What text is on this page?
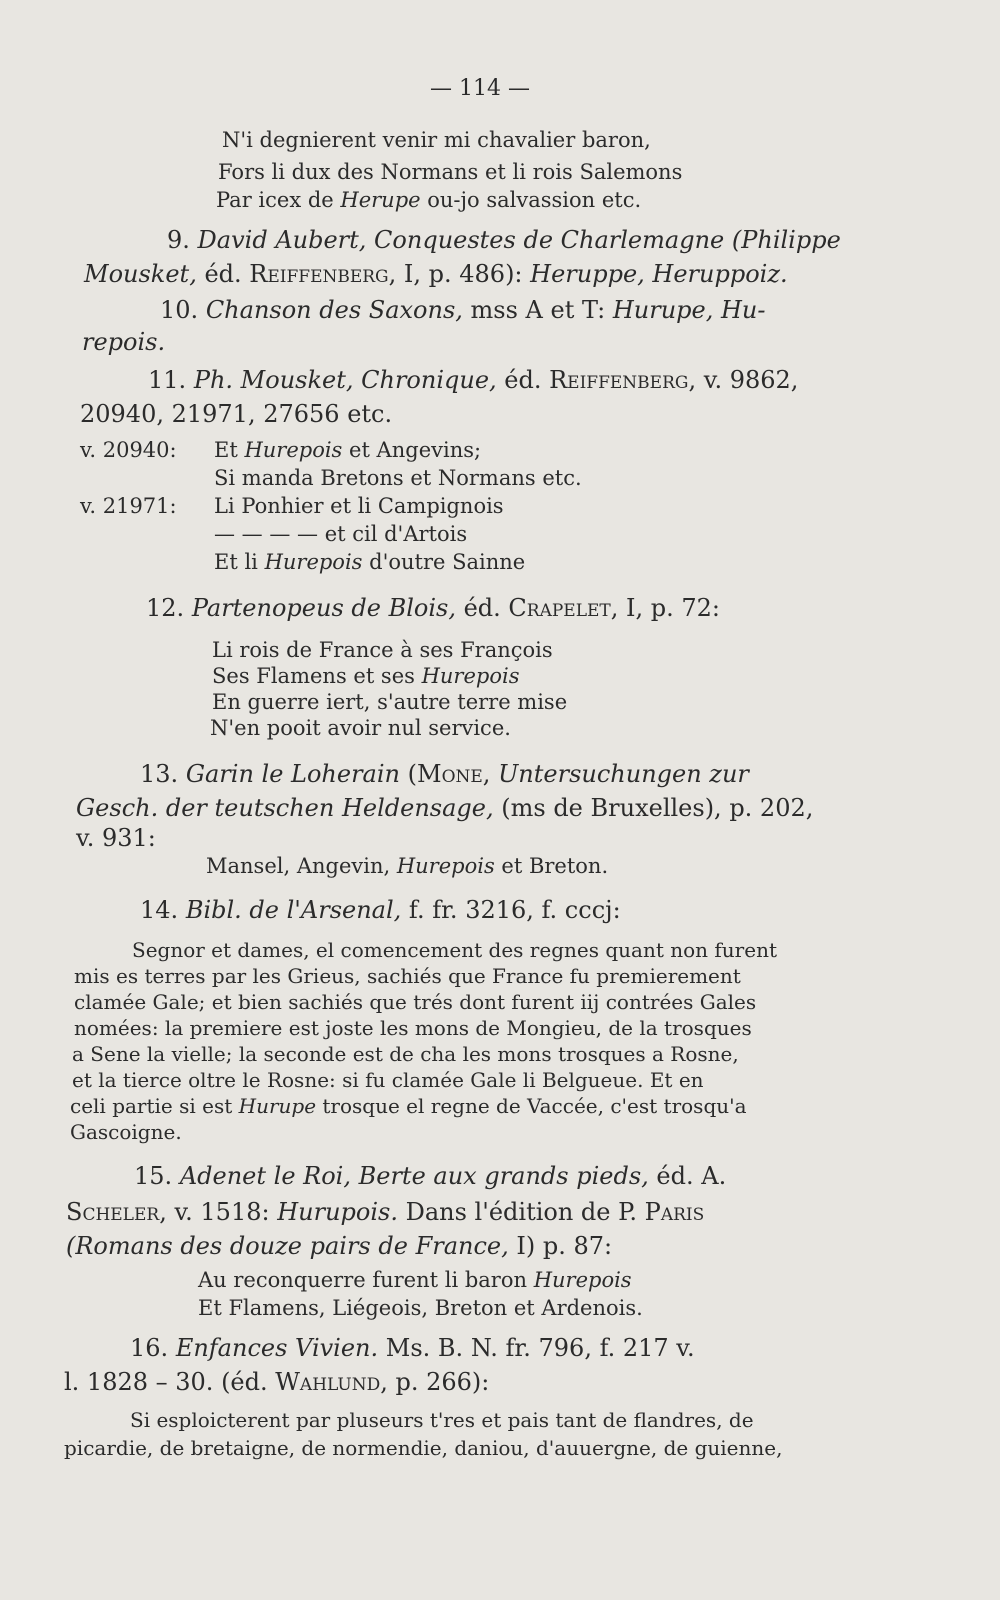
— 114 —
N'i degnierent venir mi chavalier baron,
Fors li dux des Normans et li rois Salemons
Par icex de Herupe ou-jo salvassion etc.
9. David Aubert, Conquestes de Charlemagne (Philippe
Mousket, éd. Reiffenberg, I, p. 486): Heruppe, Heruppoiz.
10. Chanson des Saxons, mss A et T: Hurupe, Hu-
repois.
11. Ph. Mousket, Chronique, éd. Reiffenberg, v. 9862,
20940, 21971, 27656 etc.
v. 20940: Et Hurepois et Angevins;
Si manda Bretons et Normans etc.
v. 21971: Li Ponhier et li Campignois
— — — — et cil d'Artois
Et li Hurepois d'outre Sainne
12. Partenopeus de Blois, éd. Crapelet, I, p. 72:
Li rois de France à ses François
Ses Flamens et ses Hurepois
En guerre iert, s'autre terre mise
N'en pooit avoir nul service.
13. Garin le Loherain (Mone, Untersuchungen zur
Gesch. der teutschen Heldensage, (ms de Bruxelles), p. 202,
v. 931:
Mansel, Angevin, Hurepois et Breton.
14. Bibl. de l'Arsenal, f. fr. 3216, f. cccj:
Segnor et dames, el comencement des regnes quant non furent
mis es terres par les Grieus, sachiés que France fu premierement
clamée Gale; et bien sachiés que trés dont furent iij contrées Gales
nomées: la premiere est joste les mons de Mongieu, de la trosques
a Sene la vielle; la seconde est de cha les mons trosques a Rosne,
et la tierce oltre le Rosne: si fu clamée Gale li Belgueue. Et en
celi partie si est Hurupe trosque el regne de Vaccée, c'est trosqu'a
Gascoigne.
15. Adenet le Roi, Berte aux grands pieds, éd. A.
Scheler, v. 1518: Hurupois. Dans l'édition de P. Paris
(Romans des douze pairs de France, I) p. 87:
Au reconquerre furent li baron Hurepois
Et Flamens, Liégeois, Breton et Ardenois.
16. Enfances Vivien. Ms. B. N. fr. 796, f. 217 v.
l. 1828 – 30. (éd. Wahlund, p. 266):
Si esploicterent par pluseurs t'res et pais tant de flandres, de
picardie, de bretaigne, de normendie, daniou, d'auuergne, de guienne,
